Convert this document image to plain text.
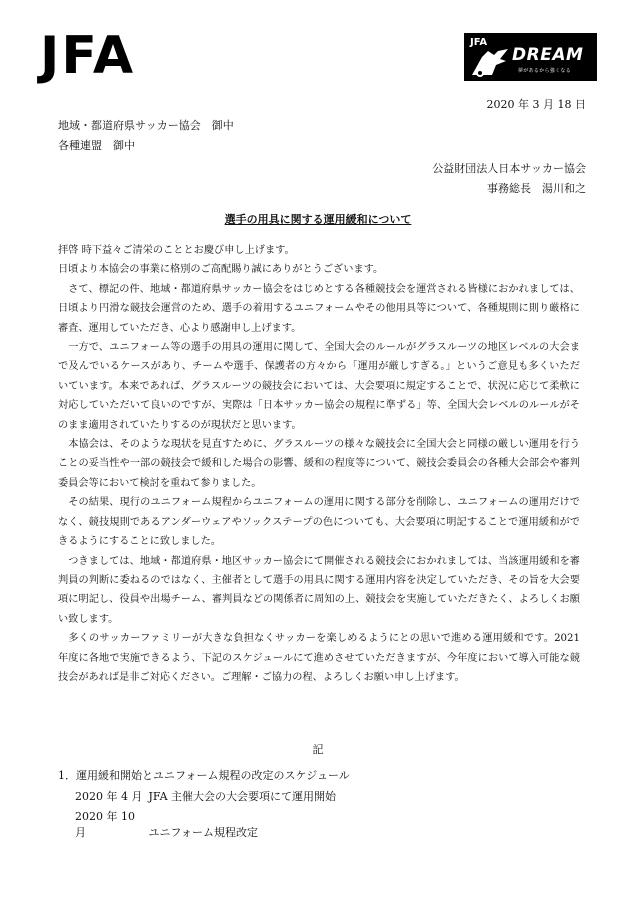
JFA	JFA
DREAM
夢があるから強くなる
2020 年 3 月 18 日
地域・都道府県サッカー協会　御中
各種連盟　御中
公益財団法人日本サッカー協会
事務総長　湯川和之
選手の用具に関する運用緩和について

拝啓 時下益々ご清栄のこととお慶び申し上げます。

日頃より本協会の事業に格別のご高配賜り誠にありがとうございます。

さて、標記の件、地域・都道府県サッカー協会をはじめとする各種競技会を運営される皆様におかれましては、日頃より円滑な競技会運営のため、選手の着用するユニフォームやその他用具等について、各種規則に則り厳格に審査、運用していただき、心より感謝申し上げます。

一方で、ユニフォーム等の選手の用具の運用に関して、全国大会のルールがグラスルーツの地区レベルの大会まで及んでいるケースがあり、チームや選手、保護者の方々から「運用が厳しすぎる。」というご意見も多くいただいています。本来であれば、グラスルーツの競技会においては、大会要項に規定することで、状況に応じて柔軟に対応していただいて良いのですが、実際は「日本サッカー協会の規程に準ずる」等、全国大会レベルのルールがそのまま適用されていたりするのが現状だと思います。

本協会は、そのような現状を見直すために、グラスルーツの様々な競技会に全国大会と同様の厳しい運用を行うことの妥当性や一部の競技会で緩和した場合の影響、緩和の程度等について、競技会委員会の各種大会部会や審判委員会等において検討を重ねて参りました。

その結果、現行のユニフォーム規程からユニフォームの運用に関する部分を削除し、ユニフォームの運用だけでなく、競技規則であるアンダーウェアやソックステープの色についても、大会要項に明記することで運用緩和ができるようにすることに致しました。

つきましては、地域・都道府県・地区サッカー協会にて開催される競技会におかれましては、当該運用緩和を審判員の判断に委ねるのではなく、主催者として選手の用具に関する運用内容を決定していただき、その旨を大会要項に明記し、役員や出場チーム、審判員などの関係者に周知の上、競技会を実施していただきたく、よろしくお願い致します。

多くのサッカーファミリーが大きな負担なくサッカーを楽しめるようにとの思いで進める運用緩和です。2021 年度に各地で実施できるよう、下記のスケジュールにて進めさせていただきますが、今年度において導入可能な競技会があれば是非ご対応ください。ご理解・ご協力の程、よろしくお願い申し上げます。

記
1．運用緩和開始とユニフォーム規程の改定のスケジュール
2020 年 4 月 JFA 主催大会の大会要項にて運用開始
2020 年 10 月	ユニフォーム規程改定
